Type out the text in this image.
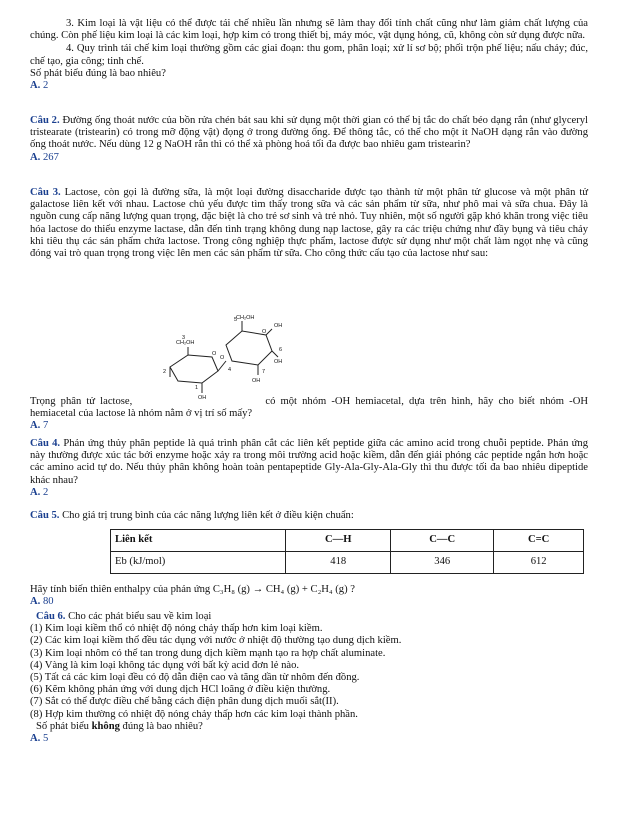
3. Kim loại là vật liệu có thể được tái chế nhiều lần nhưng sẽ làm thay đổi tính chất cũng như làm giảm chất lượng của chúng. Còn phế liệu kim loại là các kim loại, hợp kim có trong thiết bị, máy móc, vật dụng hỏng, cũ, không còn sử dụng được nữa.

4. Quy trình tái chế kim loại thường gồm các giai đoạn: thu gom, phân loại; xử lí sơ bộ; phối trộn phế liệu; nấu chảy; đúc, chế tạo, gia công; tinh chế.

Số phát biểu đúng là bao nhiêu?

A. 2

Câu 2. Đường ống thoát nước của bồn rửa chén bát sau khi sử dụng một thời gian có thể bị tắc do chất béo dạng rắn (như glyceryl tristearate (tristearin) có trong mỡ động vật) đọng ở trong đường ống. Để thông tắc, có thể cho một ít NaOH dạng rắn vào đường ống thoát nước. Nếu dùng 12 g NaOH rắn thì có thể xà phòng hoá tối đa được bao nhiêu gam tristearin?

A. 267

Câu 3. Lactose, còn gọi là đường sữa, là một loại đường disaccharide được tạo thành từ một phân tử glucose và một phân tử galactose liên kết với nhau. Lactose chủ yếu được tìm thấy trong sữa và các sản phẩm từ sữa, như phô mai và sữa chua. Đây là nguồn cung cấp năng lượng quan trọng, đặc biệt là cho trẻ sơ sinh và trẻ nhỏ. Tuy nhiên, một số người gặp khó khăn trong việc tiêu hóa lactose do thiếu enzyme lactase, dẫn đến tình trạng không dung nạp lactose, gây ra các triệu chứng như đầy bụng và tiêu chảy khi tiêu thụ các sản phẩm chứa lactose. Trong công nghiệp thực phẩm, lactose được sử dụng như một chất làm ngọt nhẹ và cũng đóng vai trò quan trọng trong việc lên men các sản phẩm từ sữa. Cho công thức cấu tạo của lactose như sau:

CH₂OH
CH₂OH
OH
OH
OH
OH
5
6
7
3
4
2
1
O
O
O

Trọng phân tử lactose,	có một nhóm -OH hemiacetal, dựa trên hình, hãy cho biết nhóm -OH hemiacetal của lactose là nhóm nằm ở vị trí số mấy?

A. 7

Câu 4. Phản ứng thủy phân peptide là quá trình phân cắt các liên kết peptide giữa các amino acid trong chuỗi peptide. Phản ứng này thường được xúc tác bởi enzyme hoặc xảy ra trong môi trường acid hoặc kiềm, dẫn đến giải phóng các peptide ngắn hơn hoặc các amino acid tự do. Nếu thủy phân không hoàn toàn pentapeptide Gly-Ala-Gly-Ala-Gly thì thu được tối đa bao nhiêu dipeptide khác nhau?

A. 2

Câu 5. Cho giá trị trung bình của các năng lượng liên kết ở điều kiện chuẩn:

Liên kết	C—H	C—C	C=C
Eb (kJ/mol)	418	346	612

Hãy tính biến thiên enthalpy của phản ứng C₃H₈ (g) → CH₄ (g) + C₂H₄ (g) ?

A. 80

Câu 6. Cho các phát biểu sau về kim loại

(1) Kim loại kiềm thổ có nhiệt độ nóng chảy thấp hơn kim loại kiềm.

(2) Các kim loại kiềm thổ đều tác dụng với nước ở nhiệt độ thường tạo dung dịch kiềm.

(3) Kim loại nhôm có thể tan trong dung dịch kiềm mạnh tạo ra hợp chất aluminate.

(4) Vàng là kim loại không tác dụng với bất kỳ acid đơn lẻ nào.

(5) Tất cả các kim loại đều có độ dẫn điện cao và tăng dần từ nhôm đến đồng.

(6) Kẽm không phản ứng với dung dịch HCl loãng ở điều kiện thường.

(7) Sắt có thể được điều chế bằng cách điện phân dung dịch muối sắt(II).

(8) Hợp kim thường có nhiệt độ nóng chảy thấp hơn các kim loại thành phần.

Số phát biểu không đúng là bao nhiêu?

A. 5
